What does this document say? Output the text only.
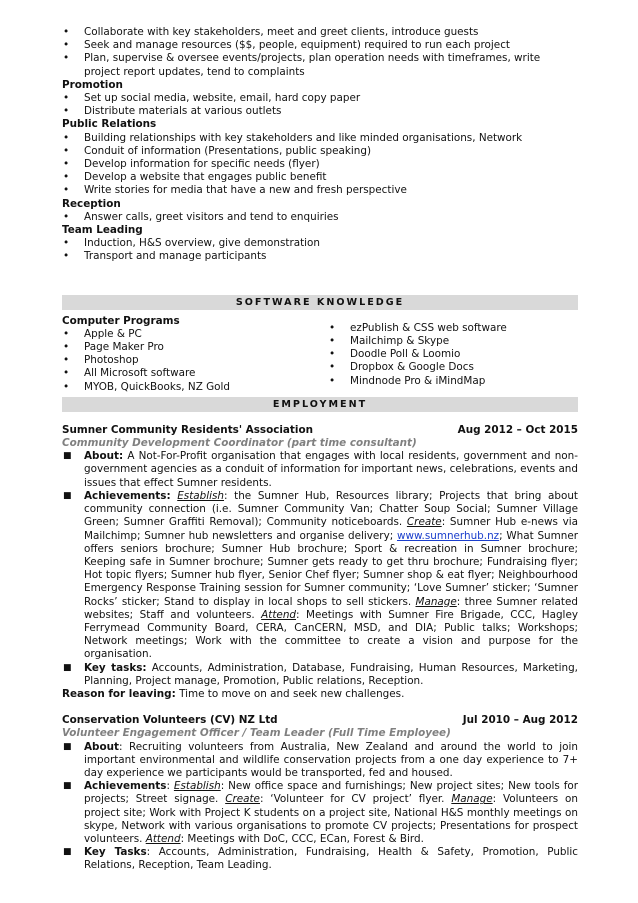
• Collaborate with key stakeholders, meet and greet clients, introduce guests
• Seek and manage resources ($$, people, equipment) required to run each project
• Plan, supervise & oversee events/projects, plan operation needs with timeframes, write project report updates, tend to complaints
Promotion
• Set up social media, website, email, hard copy paper
• Distribute materials at various outlets
Public Relations
• Building relationships with key stakeholders and like minded organisations, Network
• Conduit of information (Presentations, public speaking)
• Develop information for specific needs (flyer)
• Develop a website that engages public benefit
• Write stories for media that have a new and fresh perspective
Reception
• Answer calls, greet visitors and tend to enquiries
Team Leading
• Induction, H&S overview, give demonstration
• Transport and manage participants
SOFTWARE KNOWLEDGE
Computer Programs
• Apple & PC
• Page Maker Pro
• Photoshop
• All Microsoft software
• MYOB, QuickBooks, NZ Gold
• ezPublish & CSS web software
• Mailchimp & Skype
• Doodle Poll & Loomio
• Dropbox & Google Docs
• Mindnode Pro & iMindMap
EMPLOYMENT
Sumner Community Residents' Association	Aug 2012 – Oct 2015
Community Development Coordinator (part time consultant)
■ About: A Not-For-Profit organisation that engages with local residents, government and non-government agencies as a conduit of information for important news, celebrations, events and issues that effect Sumner residents.
■ Achievements: Establish: the Sumner Hub, Resources library; Projects that bring about community connection (i.e. Sumner Community Van; Chatter Soup Social; Sumner Village Green; Sumner Graffiti Removal); Community noticeboards. Create: Sumner Hub e-news via Mailchimp; Sumner hub newsletters and organise delivery; www.sumnerhub.nz; What Sumner offers seniors brochure; Sumner Hub brochure; Sport & recreation in Sumner brochure; Keeping safe in Sumner brochure; Sumner gets ready to get thru brochure; Fundraising flyer; Hot topic flyers; Sumner hub flyer, Senior Chef flyer; Sumner shop & eat flyer; Neighbourhood Emergency Response Training session for Sumner community; ‘Love Sumner’ sticker; ‘Sumner Rocks’ sticker; Stand to display in local shops to sell stickers. Manage: three Sumner related websites; Staff and volunteers. Attend: Meetings with Sumner Fire Brigade, CCC, Hagley Ferrymead Community Board, CERA, CanCERN, MSD, and DIA; Public talks; Workshops; Network meetings; Work with the committee to create a vision and purpose for the organisation.
■ Key tasks: Accounts, Administration, Database, Fundraising, Human Resources, Marketing, Planning, Project manage, Promotion, Public relations, Reception.
Reason for leaving: Time to move on and seek new challenges.
Conservation Volunteers (CV) NZ Ltd	Jul 2010 – Aug 2012
Volunteer Engagement Officer / Team Leader (Full Time Employee)
■ About: Recruiting volunteers from Australia, New Zealand and around the world to join important environmental and wildlife conservation projects from a one day experience to 7+ day experience we participants would be transported, fed and housed.
■ Achievements: Establish: New office space and furnishings; New project sites; New tools for projects; Street signage. Create: ‘Volunteer for CV project’ flyer. Manage: Volunteers on project site; Work with Project K students on a project site, National H&S monthly meetings on skype, Network with various organisations to promote CV projects; Presentations for prospect volunteers. Attend: Meetings with DoC, CCC, ECan, Forest & Bird.
■ Key Tasks: Accounts, Administration, Fundraising, Health & Safety, Promotion, Public Relations, Reception, Team Leading.
